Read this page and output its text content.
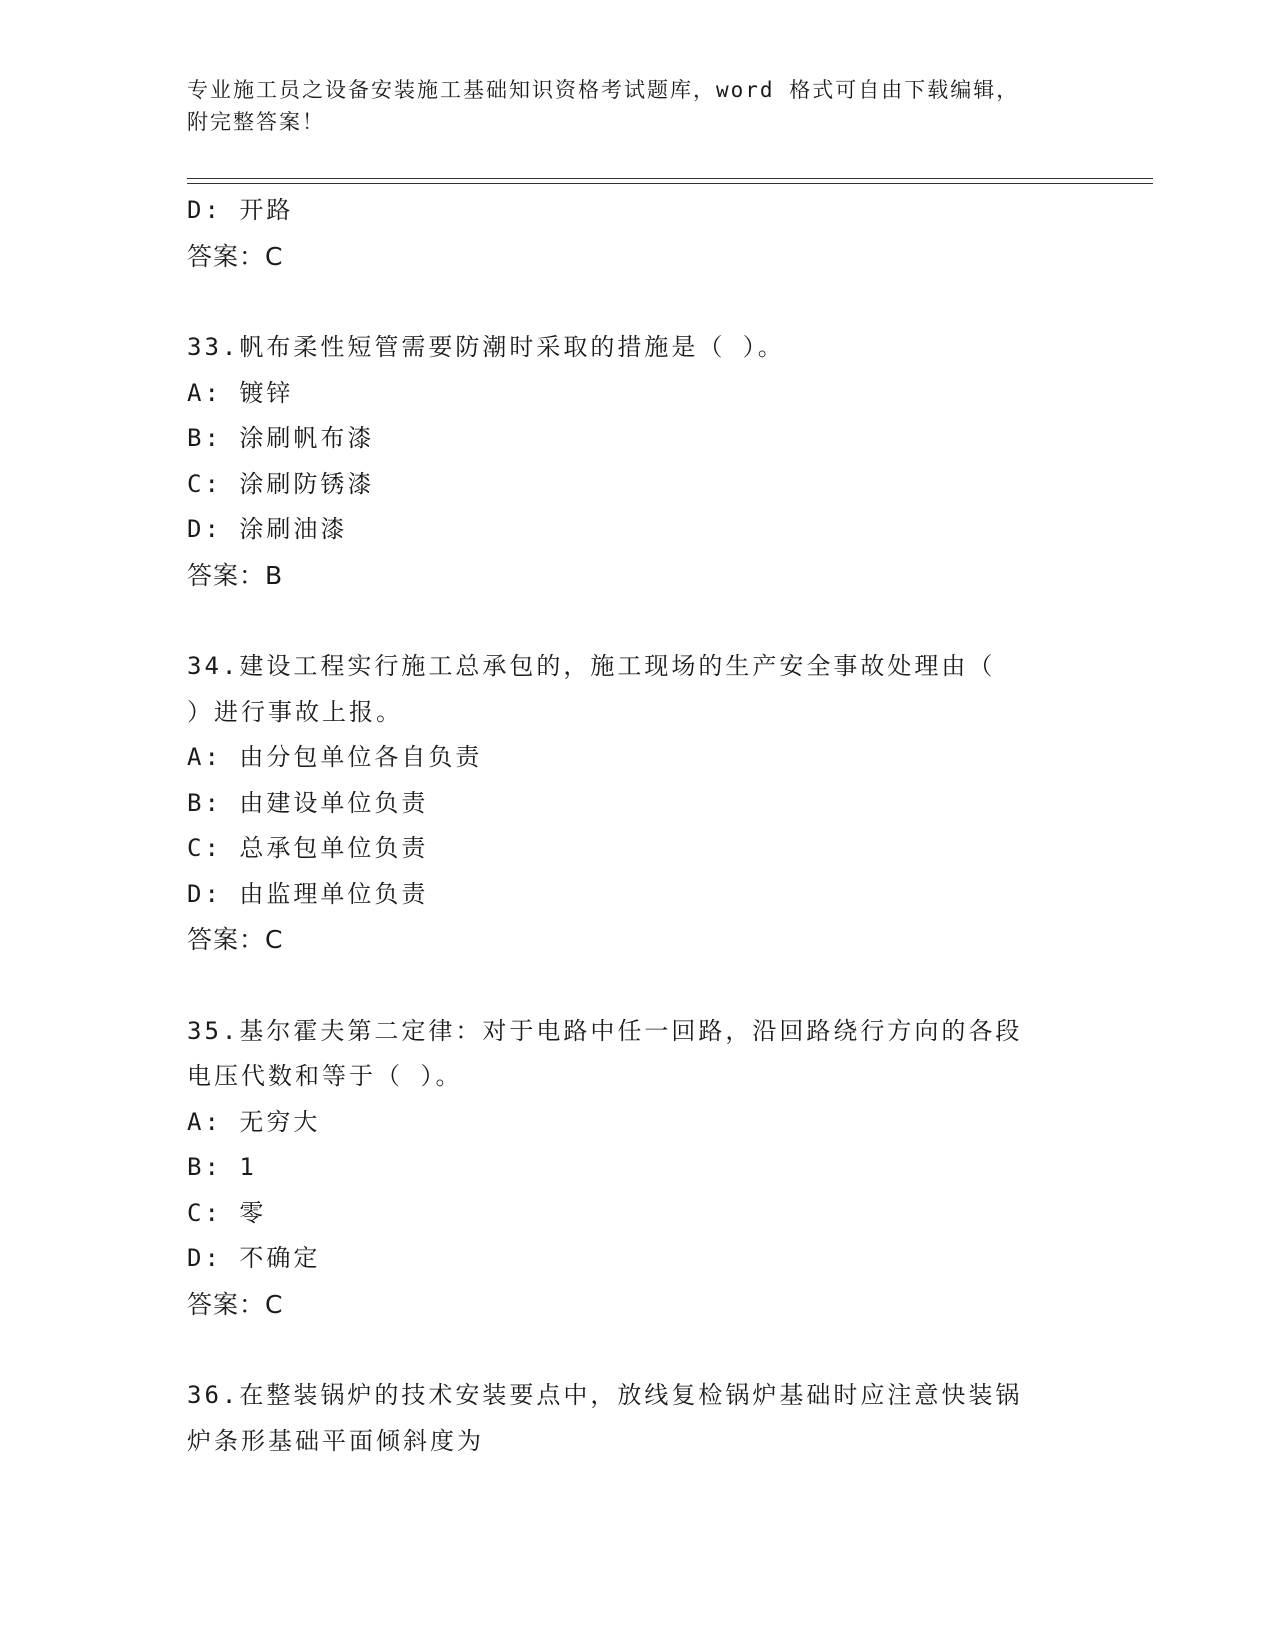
专业施工员之设备安装施工基础知识资格考试题库，word 格式可自由下载编辑，
附完整答案！
D: 开路
答案：C
33.帆布柔性短管需要防潮时采取的措施是（ ）。
A: 镀锌
B: 涂刷帆布漆
C: 涂刷防锈漆
D: 涂刷油漆
答案：B
34.建设工程实行施工总承包的，施工现场的生产安全事故处理由（
）进行事故上报。
A: 由分包单位各自负责
B: 由建设单位负责
C: 总承包单位负责
D: 由监理单位负责
答案：C
35.基尔霍夫第二定律：对于电路中任一回路，沿回路绕行方向的各段
电压代数和等于（ ）。
A: 无穷大
B: 1
C: 零
D: 不确定
答案：C
36.在整装锅炉的技术安装要点中，放线复检锅炉基础时应注意快装锅
炉条形基础平面倾斜度为
